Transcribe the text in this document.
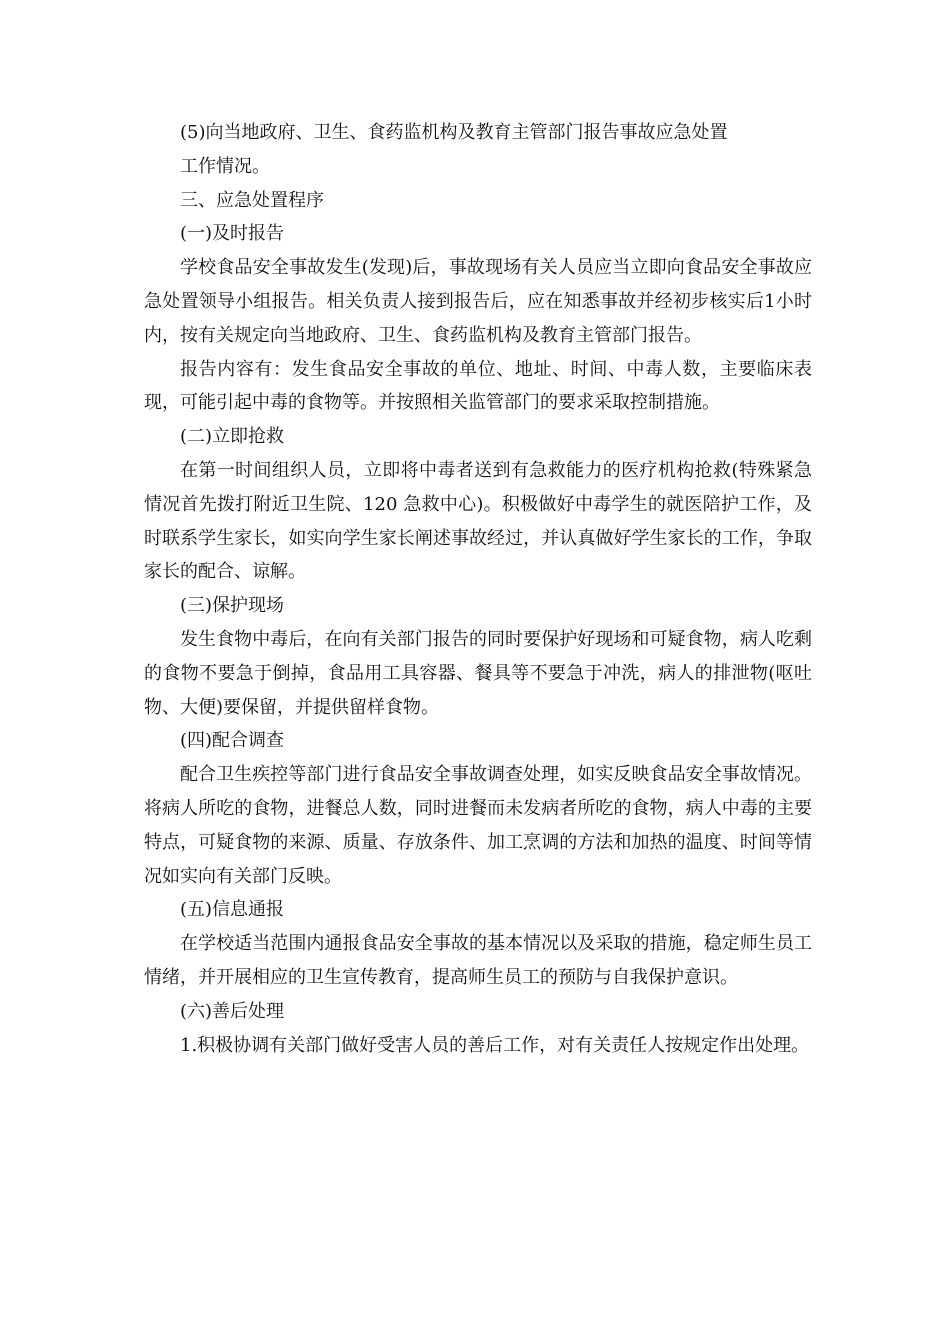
(5)向当地政府、卫生、食药监机构及教育主管部门报告事故应急处置

工作情况。

三、应急处置程序

(一)及时报告

学校食品安全事故发生(发现)后，事故现场有关人员应当立即向食品安全事故应急处置领导小组报告。相关负责人接到报告后，应在知悉事故并经初步核实后1小时内，按有关规定向当地政府、卫生、食药监机构及教育主管部门报告。

报告内容有：发生食品安全事故的单位、地址、时间、中毒人数，主要临床表现，可能引起中毒的食物等。并按照相关监管部门的要求采取控制措施。

(二)立即抢救

在第一时间组织人员，立即将中毒者送到有急救能力的医疗机构抢救(特殊紧急情况首先拨打附近卫生院、120 急救中心)。积极做好中毒学生的就医陪护工作，及时联系学生家长，如实向学生家长阐述事故经过，并认真做好学生家长的工作，争取家长的配合、谅解。

(三)保护现场

发生食物中毒后，在向有关部门报告的同时要保护好现场和可疑食物，病人吃剩的食物不要急于倒掉，食品用工具容器、餐具等不要急于冲洗，病人的排泄物(呕吐物、大便)要保留，并提供留样食物。

(四)配合调查

配合卫生疾控等部门进行食品安全事故调查处理，如实反映食品安全事故情况。将病人所吃的食物，进餐总人数，同时进餐而未发病者所吃的食物，病人中毒的主要特点，可疑食物的来源、质量、存放条件、加工烹调的方法和加热的温度、时间等情况如实向有关部门反映。

(五)信息通报

在学校适当范围内通报食品安全事故的基本情况以及采取的措施，稳定师生员工情绪，并开展相应的卫生宣传教育，提高师生员工的预防与自我保护意识。

(六)善后处理

1.积极协调有关部门做好受害人员的善后工作，对有关责任人按规定作出处理。
